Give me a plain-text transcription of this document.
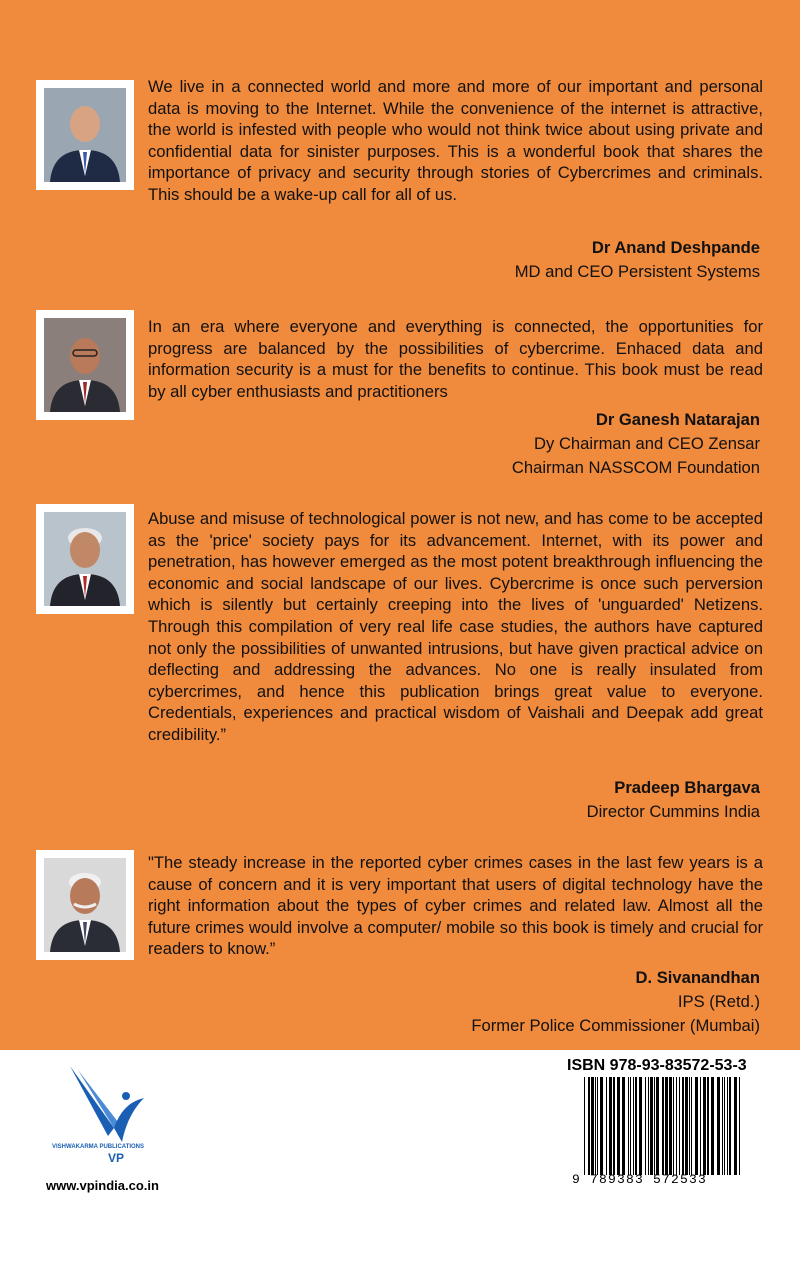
We live in a connected world and more and more of our important and personal data is moving to the Internet. While the convenience of the internet is attractive, the world is infested with people who would not think twice about using private and confidential data for sinister purposes. This is a wonderful book that shares the importance of privacy and security through stories of Cybercrimes and criminals. This should be a wake-up call for all of us.

Dr Anand Deshpande
MD and CEO Persistent Systems

In an era where everyone and everything is connected, the opportunities for progress are balanced by the possibilities of cybercrime. Enhaced data and information security is a must for the benefits to continue. This book must be read by all cyber enthusiasts and practitioners

Dr Ganesh Natarajan
Dy Chairman and CEO Zensar
Chairman NASSCOM Foundation

Abuse and misuse of technological power is not new, and has come to be accepted as the 'price' society pays for its advancement. Internet, with its power and penetration, has however emerged as the most potent breakthrough influencing the economic and social landscape of our lives. Cybercrime is once such perversion which is silently but certainly creeping into the lives of 'unguarded' Netizens. Through this compilation of very real life case studies, the authors have captured not only the possibilities of unwanted intrusions, but have given practical advice on deflecting and addressing the advances. No one is really insulated from cybercrimes, and hence this publication brings great value to everyone. Credentials, experiences and practical wisdom of Vaishali and Deepak add great credibility.”

Pradeep Bhargava
Director Cummins India

"The steady increase in the reported cyber crimes cases in the last few years is a cause of concern and it is very important that users of digital technology have the right information about the types of cyber crimes and related law. Almost all the future crimes would involve a computer/ mobile so this book is timely and crucial for readers to know.”

D. Sivanandhan
IPS (Retd.)
Former Police Commissioner (Mumbai)
VISHWAKARMA PUBLICATIONS
VP
www.vpindia.co.in
ISBN 978-93-83572-53-3
9 789383 572533
